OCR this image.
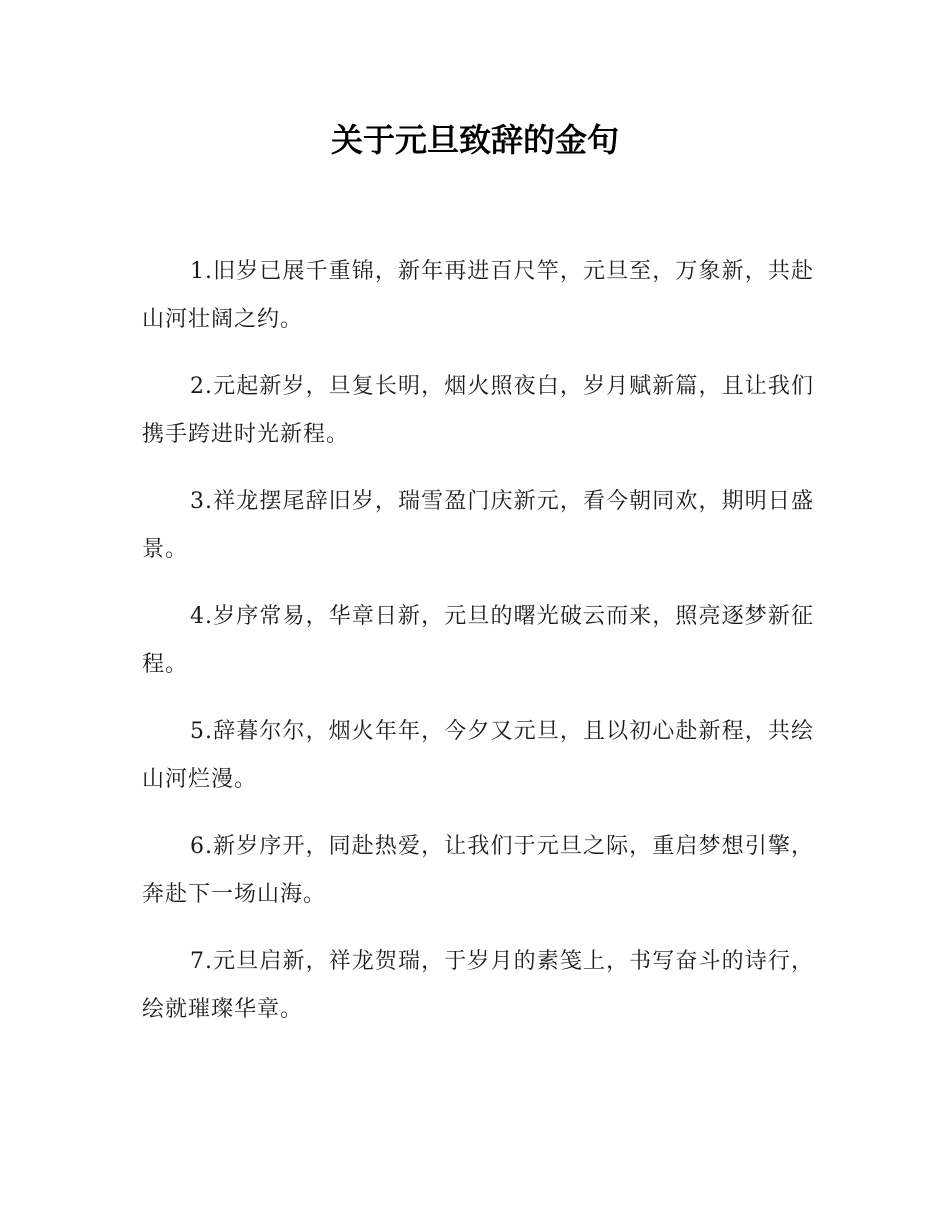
关于元旦致辞的金句

1.旧岁已展千重锦，新年再进百尺竿，元旦至，万象新，共赴山河壮阔之约。

2.元起新岁，旦复长明，烟火照夜白，岁月赋新篇，且让我们携手跨进时光新程。

3.祥龙摆尾辞旧岁，瑞雪盈门庆新元，看今朝同欢，期明日盛景。

4.岁序常易，华章日新，元旦的曙光破云而来，照亮逐梦新征程。

5.辞暮尔尔，烟火年年，今夕又元旦，且以初心赴新程，共绘山河烂漫。

6.新岁序开，同赴热爱，让我们于元旦之际，重启梦想引擎，奔赴下一场山海。

7.元旦启新，祥龙贺瑞，于岁月的素笺上，书写奋斗的诗行，绘就璀璨华章。
